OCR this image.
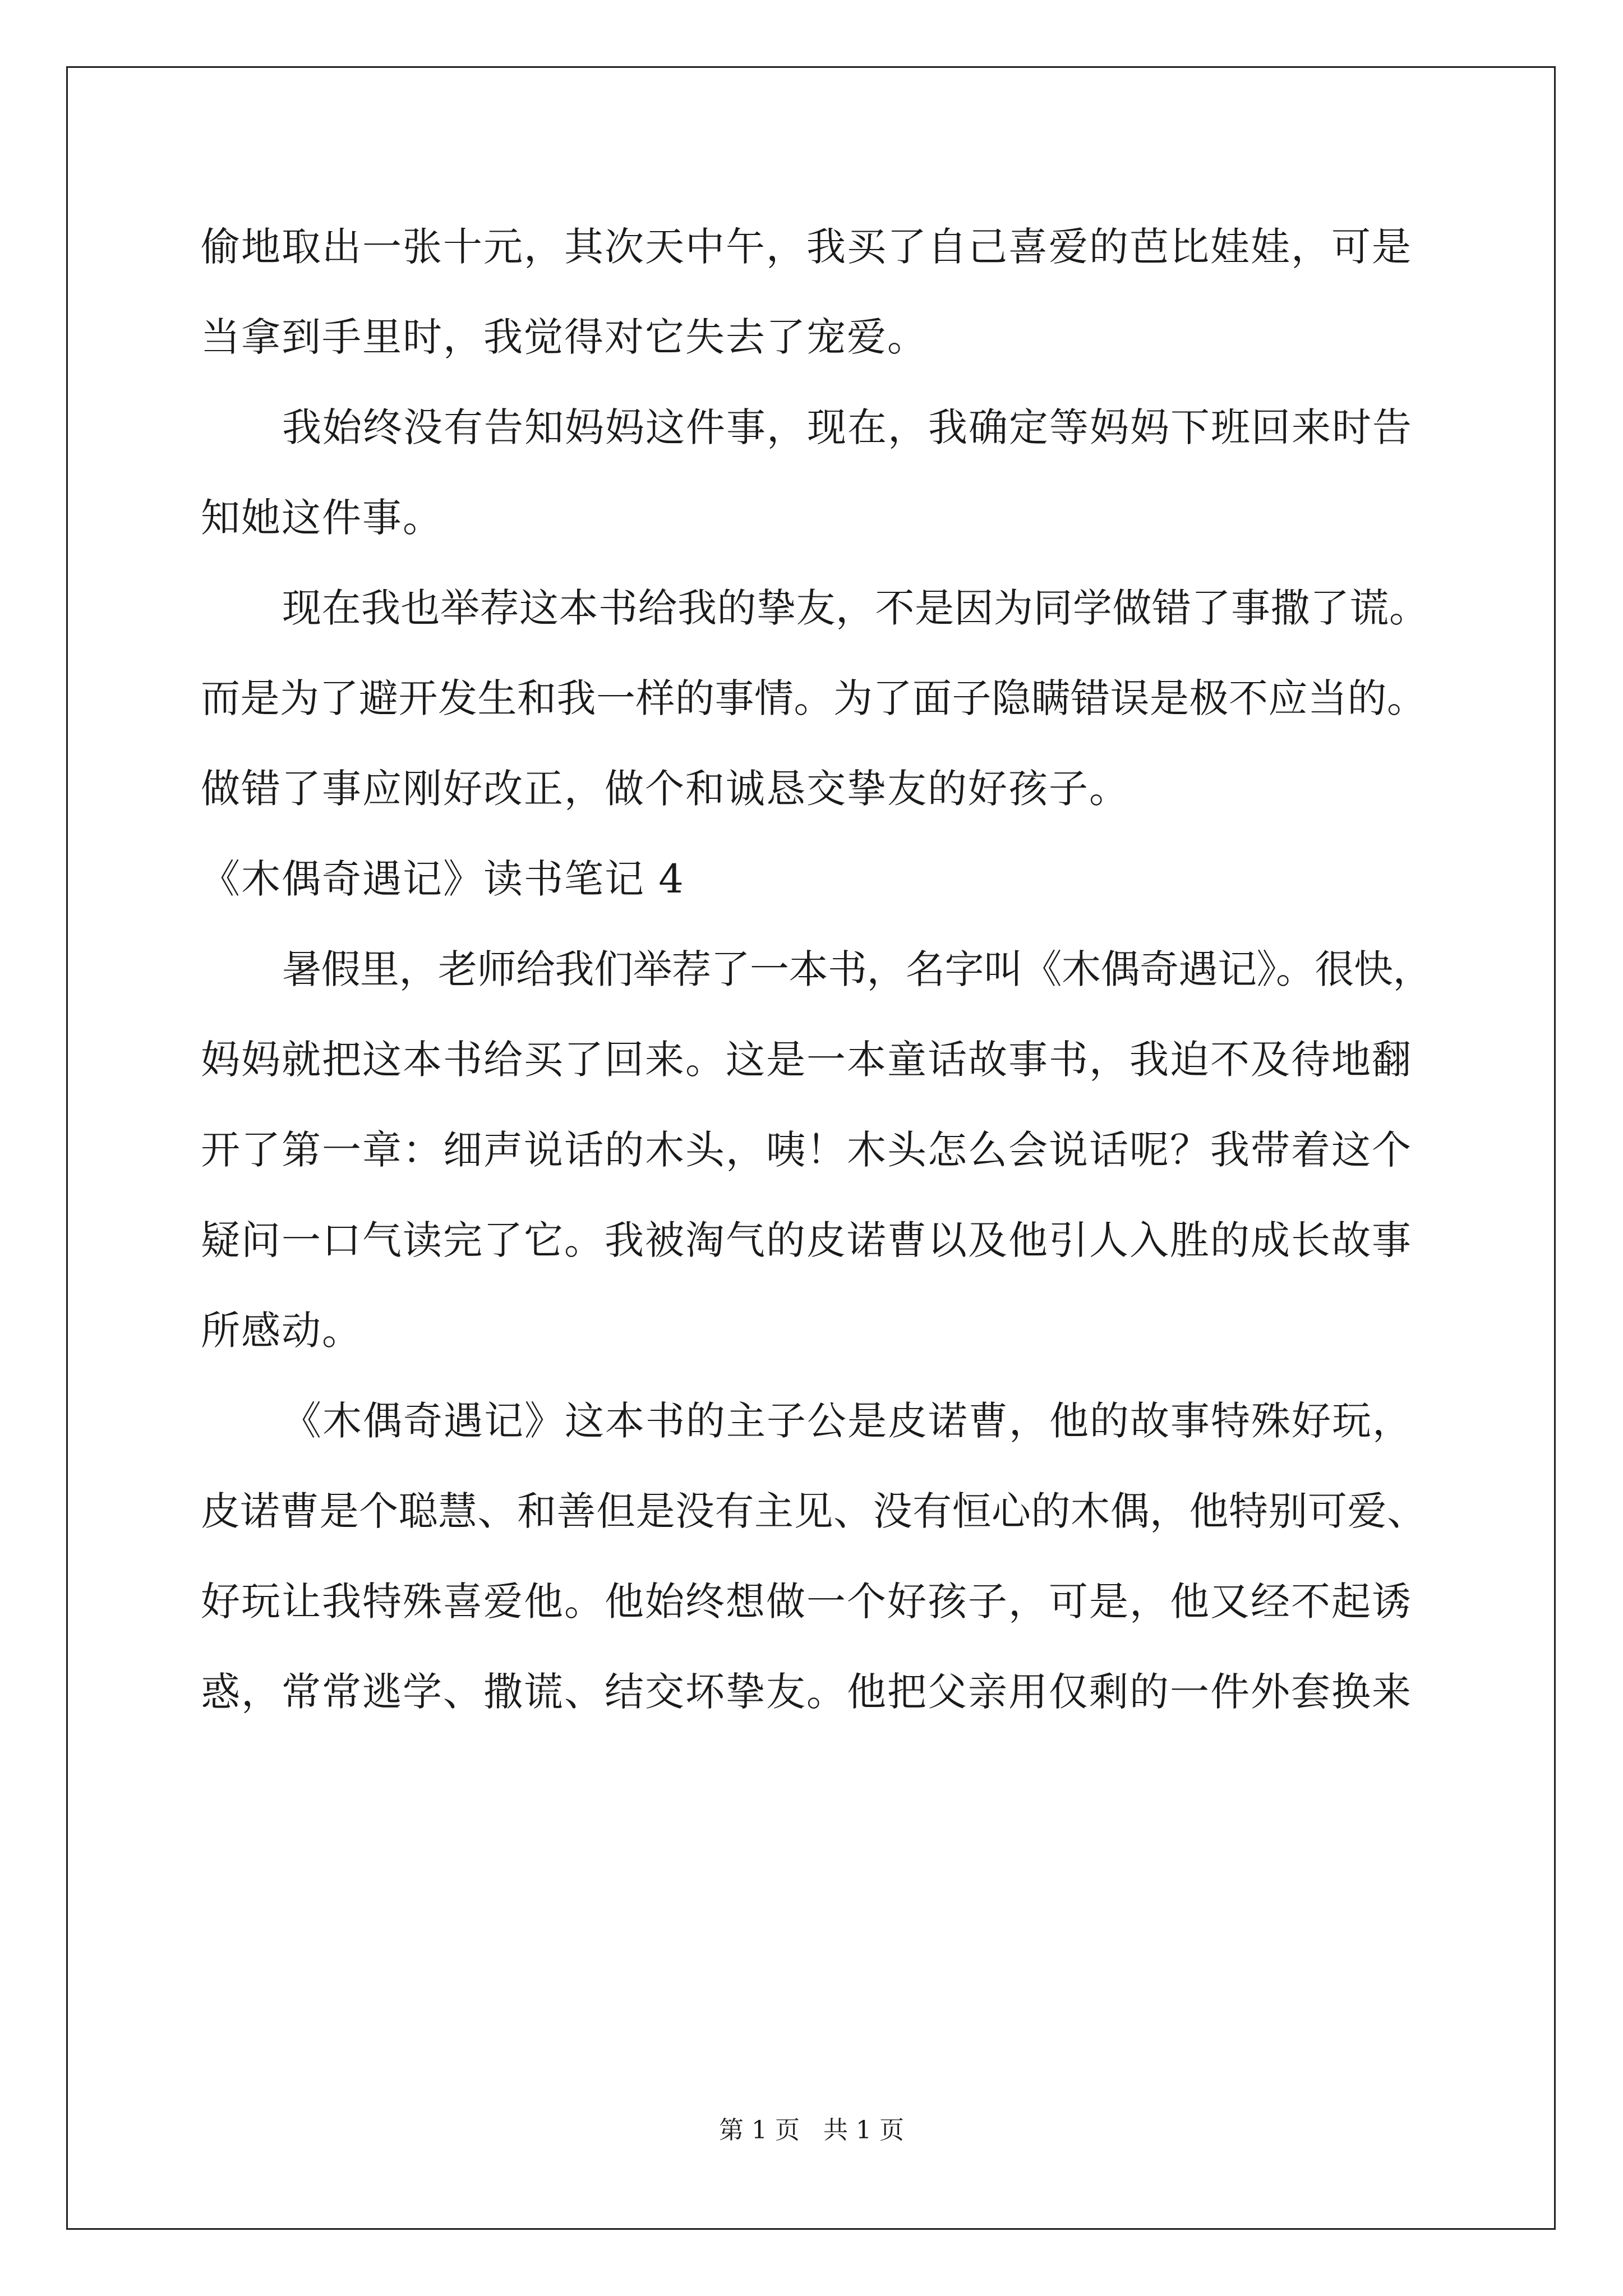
偷地取出一张十元，其次天中午，我买了自己喜爱的芭比娃娃，可是
当拿到手里时，我觉得对它失去了宠爱。
我始终没有告知妈妈这件事，现在，我确定等妈妈下班回来时告
知她这件事。
现在我也举荐这本书给我的挚友，不是因为同学做错了事撒了谎。
而是为了避开发生和我一样的事情。为了面子隐瞒错误是极不应当的。
做错了事应刚好改正，做个和诚恳交挚友的好孩子。
《木偶奇遇记》读书笔记 4
暑假里，老师给我们举荐了一本书，名字叫《木偶奇遇记》。很快，
妈妈就把这本书给买了回来。这是一本童话故事书，我迫不及待地翻
开了第一章：细声说话的木头，咦！木头怎么会说话呢？我带着这个
疑问一口气读完了它。我被淘气的皮诺曹以及他引人入胜的成长故事
所感动。
《木偶奇遇记》这本书的主子公是皮诺曹，他的故事特殊好玩，
皮诺曹是个聪慧、和善但是没有主见、没有恒心的木偶，他特别可爱、
好玩让我特殊喜爱他。他始终想做一个好孩子，可是，他又经不起诱
惑，常常逃学、撒谎、结交坏挚友。他把父亲用仅剩的一件外套换来
第 1 页   共 1 页
